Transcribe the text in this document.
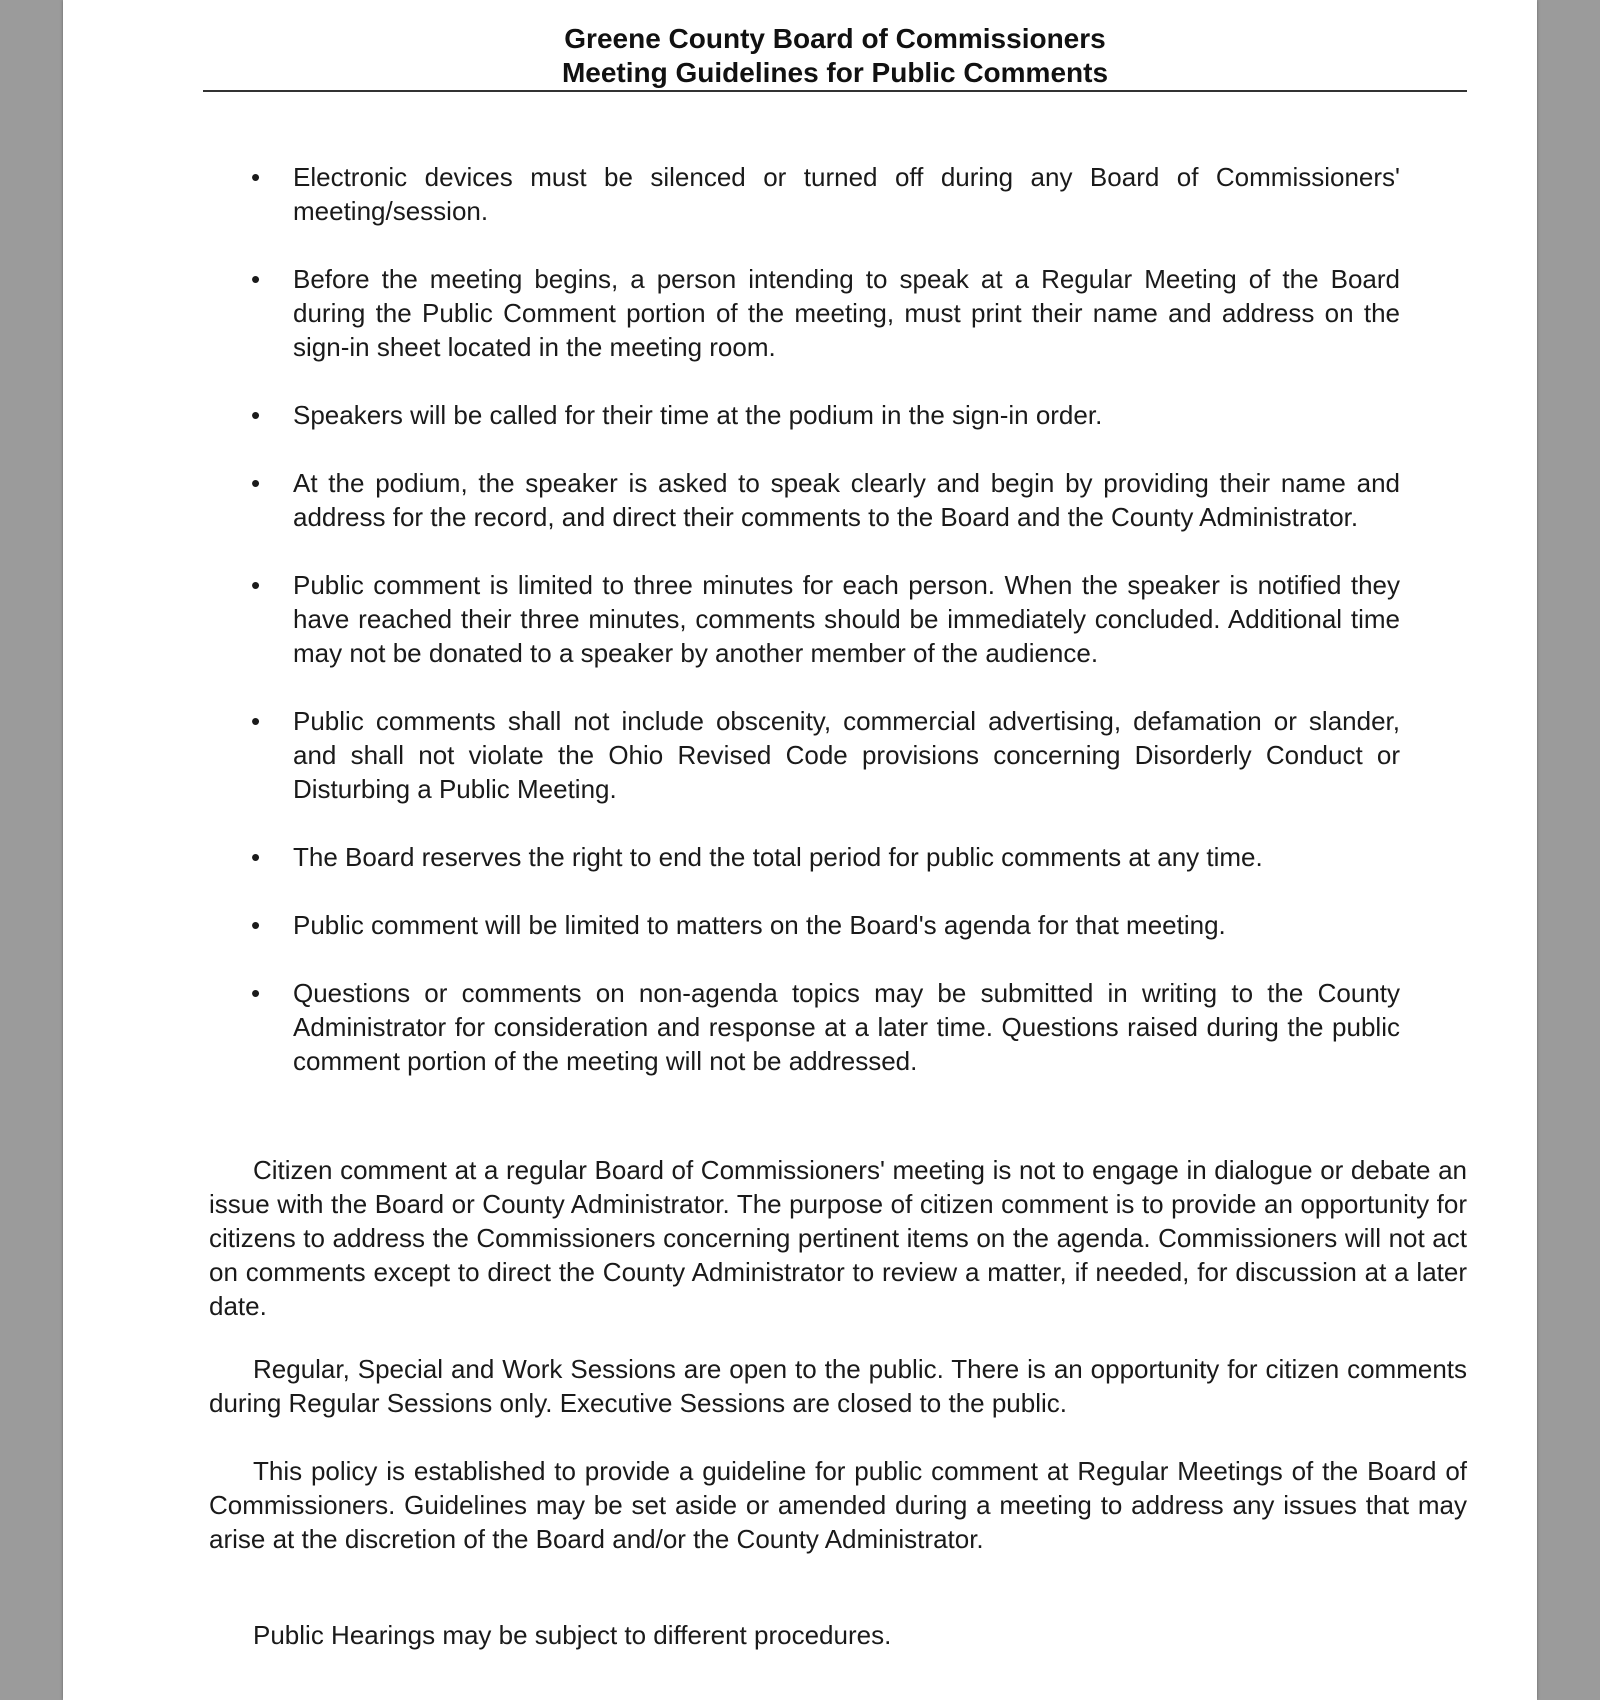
Greene County Board of Commissioners
Meeting Guidelines for Public Comments
• Electronic devices must be silenced or turned off during any Board of Commissioners' meeting/session.
• Before the meeting begins, a person intending to speak at a Regular Meeting of the Board during the Public Comment portion of the meeting, must print their name and address on the sign-in sheet located in the meeting room.
• Speakers will be called for their time at the podium in the sign-in order.
• At the podium, the speaker is asked to speak clearly and begin by providing their name and address for the record, and direct their comments to the Board and the County Administrator.
• Public comment is limited to three minutes for each person. When the speaker is notified they have reached their three minutes, comments should be immediately concluded. Additional time may not be donated to a speaker by another member of the audience.
• Public comments shall not include obscenity, commercial advertising, defamation or slander, and shall not violate the Ohio Revised Code provisions concerning Disorderly Conduct or Disturbing a Public Meeting.
• The Board reserves the right to end the total period for public comments at any time.
• Public comment will be limited to matters on the Board's agenda for that meeting.
• Questions or comments on non-agenda topics may be submitted in writing to the County Administrator for consideration and response at a later time. Questions raised during the public comment portion of the meeting will not be addressed.

Citizen comment at a regular Board of Commissioners' meeting is not to engage in dialogue or debate an issue with the Board or County Administrator. The purpose of citizen comment is to provide an opportunity for citizens to address the Commissioners concerning pertinent items on the agenda. Commissioners will not act on comments except to direct the County Administrator to review a matter, if needed, for discussion at a later date.

Regular, Special and Work Sessions are open to the public. There is an opportunity for citizen comments during Regular Sessions only. Executive Sessions are closed to the public.

This policy is established to provide a guideline for public comment at Regular Meetings of the Board of Commissioners. Guidelines may be set aside or amended during a meeting to address any issues that may arise at the discretion of the Board and/or the County Administrator.

Public Hearings may be subject to different procedures.
